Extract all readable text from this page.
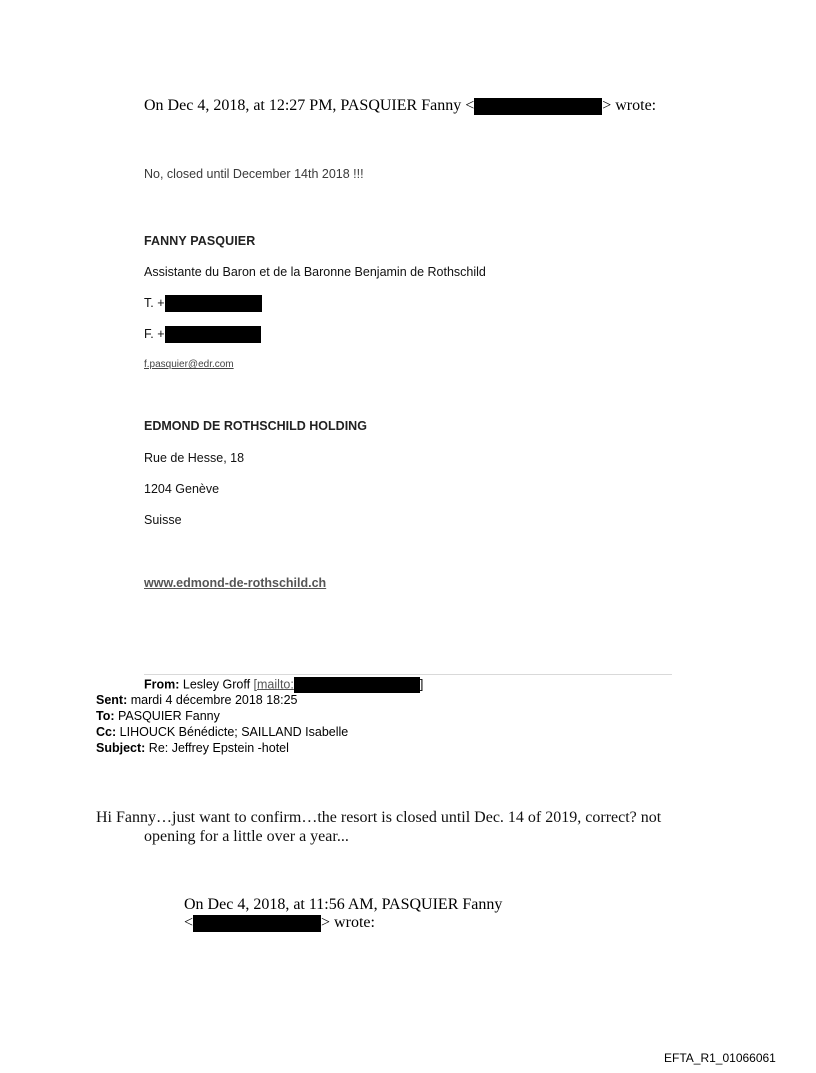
On Dec 4, 2018, at 12:27 PM, PASQUIER Fanny <	> wrote:
No, closed until December 14th 2018 !!!
FANNY PASQUIER
Assistante du Baron et de la Baronne Benjamin de Rothschild
T. +
F. +
f.pasquier@edr.com
EDMOND DE ROTHSCHILD HOLDING
Rue de Hesse, 18
1204 Genève
Suisse
www.edmond-de-rothschild.ch
From: Lesley Groff [mailto:	]
Sent: mardi 4 décembre 2018 18:25
To: PASQUIER Fanny
Cc: LIHOUCK Bénédicte; SAILLAND Isabelle
Subject: Re: Jeffrey Epstein -hotel
Hi Fanny…just want to confirm…the resort is closed until Dec. 14 of 2019, correct? not
opening for a little over a year...
On Dec 4, 2018, at 11:56 AM, PASQUIER Fanny
<	> wrote:
EFTA_R1_01066061
